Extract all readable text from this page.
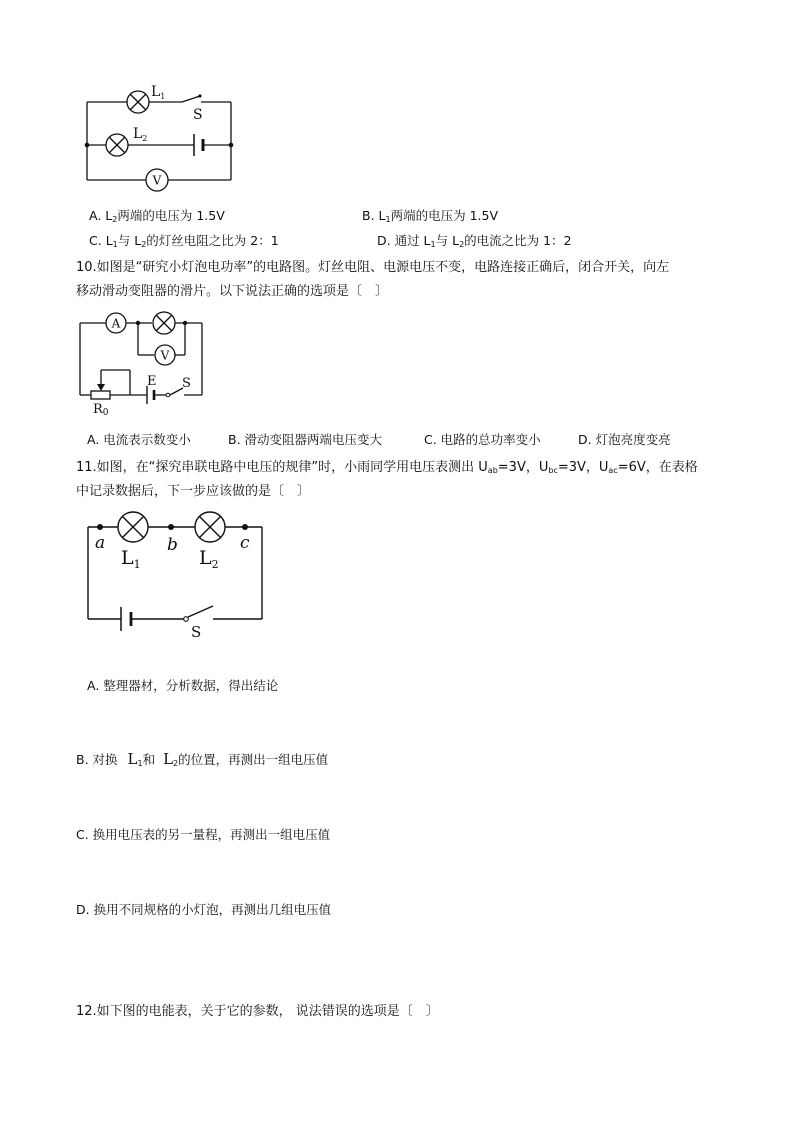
V
$L_1$
$L_2$
S
A. $L_2$两端的电压为 1.5V	B. $L_1$两端的电压为 1.5V
C. $L_1$与 $L_2$的灯丝电阻之比为 2：1	D. 通过 $L_1$与 $L_2$的电流之比为 1：2
10.如图是“研究小灯泡电功率”的电路图。灯丝电阻、电源电压不变，电路连接正确后，闭合开关，向左
移动滑动变阻器的滑片。以下说法正确的选项是〔　〕
A
V
E S
R0
A. 电流表示数变小	B. 滑动变阻器两端电压变大	C. 电路的总功率变小	D. 灯泡亮度变亮
11.如图，在“探究串联电路中电压的规律”时，小雨同学用电压表测出 $U_{ab}=3V$，$U_{bc}=3V$，$U_{ac}=6V$，在表格
中记录数据后，下一步应该做的是〔　〕
a	b	c
$L_1$	$L_2$
S
A. 整理器材，分析数据，得出结论
B. 对换 $L_1$和 $L_2$的位置，再测出一组电压值
C. 换用电压表的另一量程，再测出一组电压值
D. 换用不同规格的小灯泡，再测出几组电压值
12.如下图的电能表，关于它的参数， 说法错误的选项是〔　〕
